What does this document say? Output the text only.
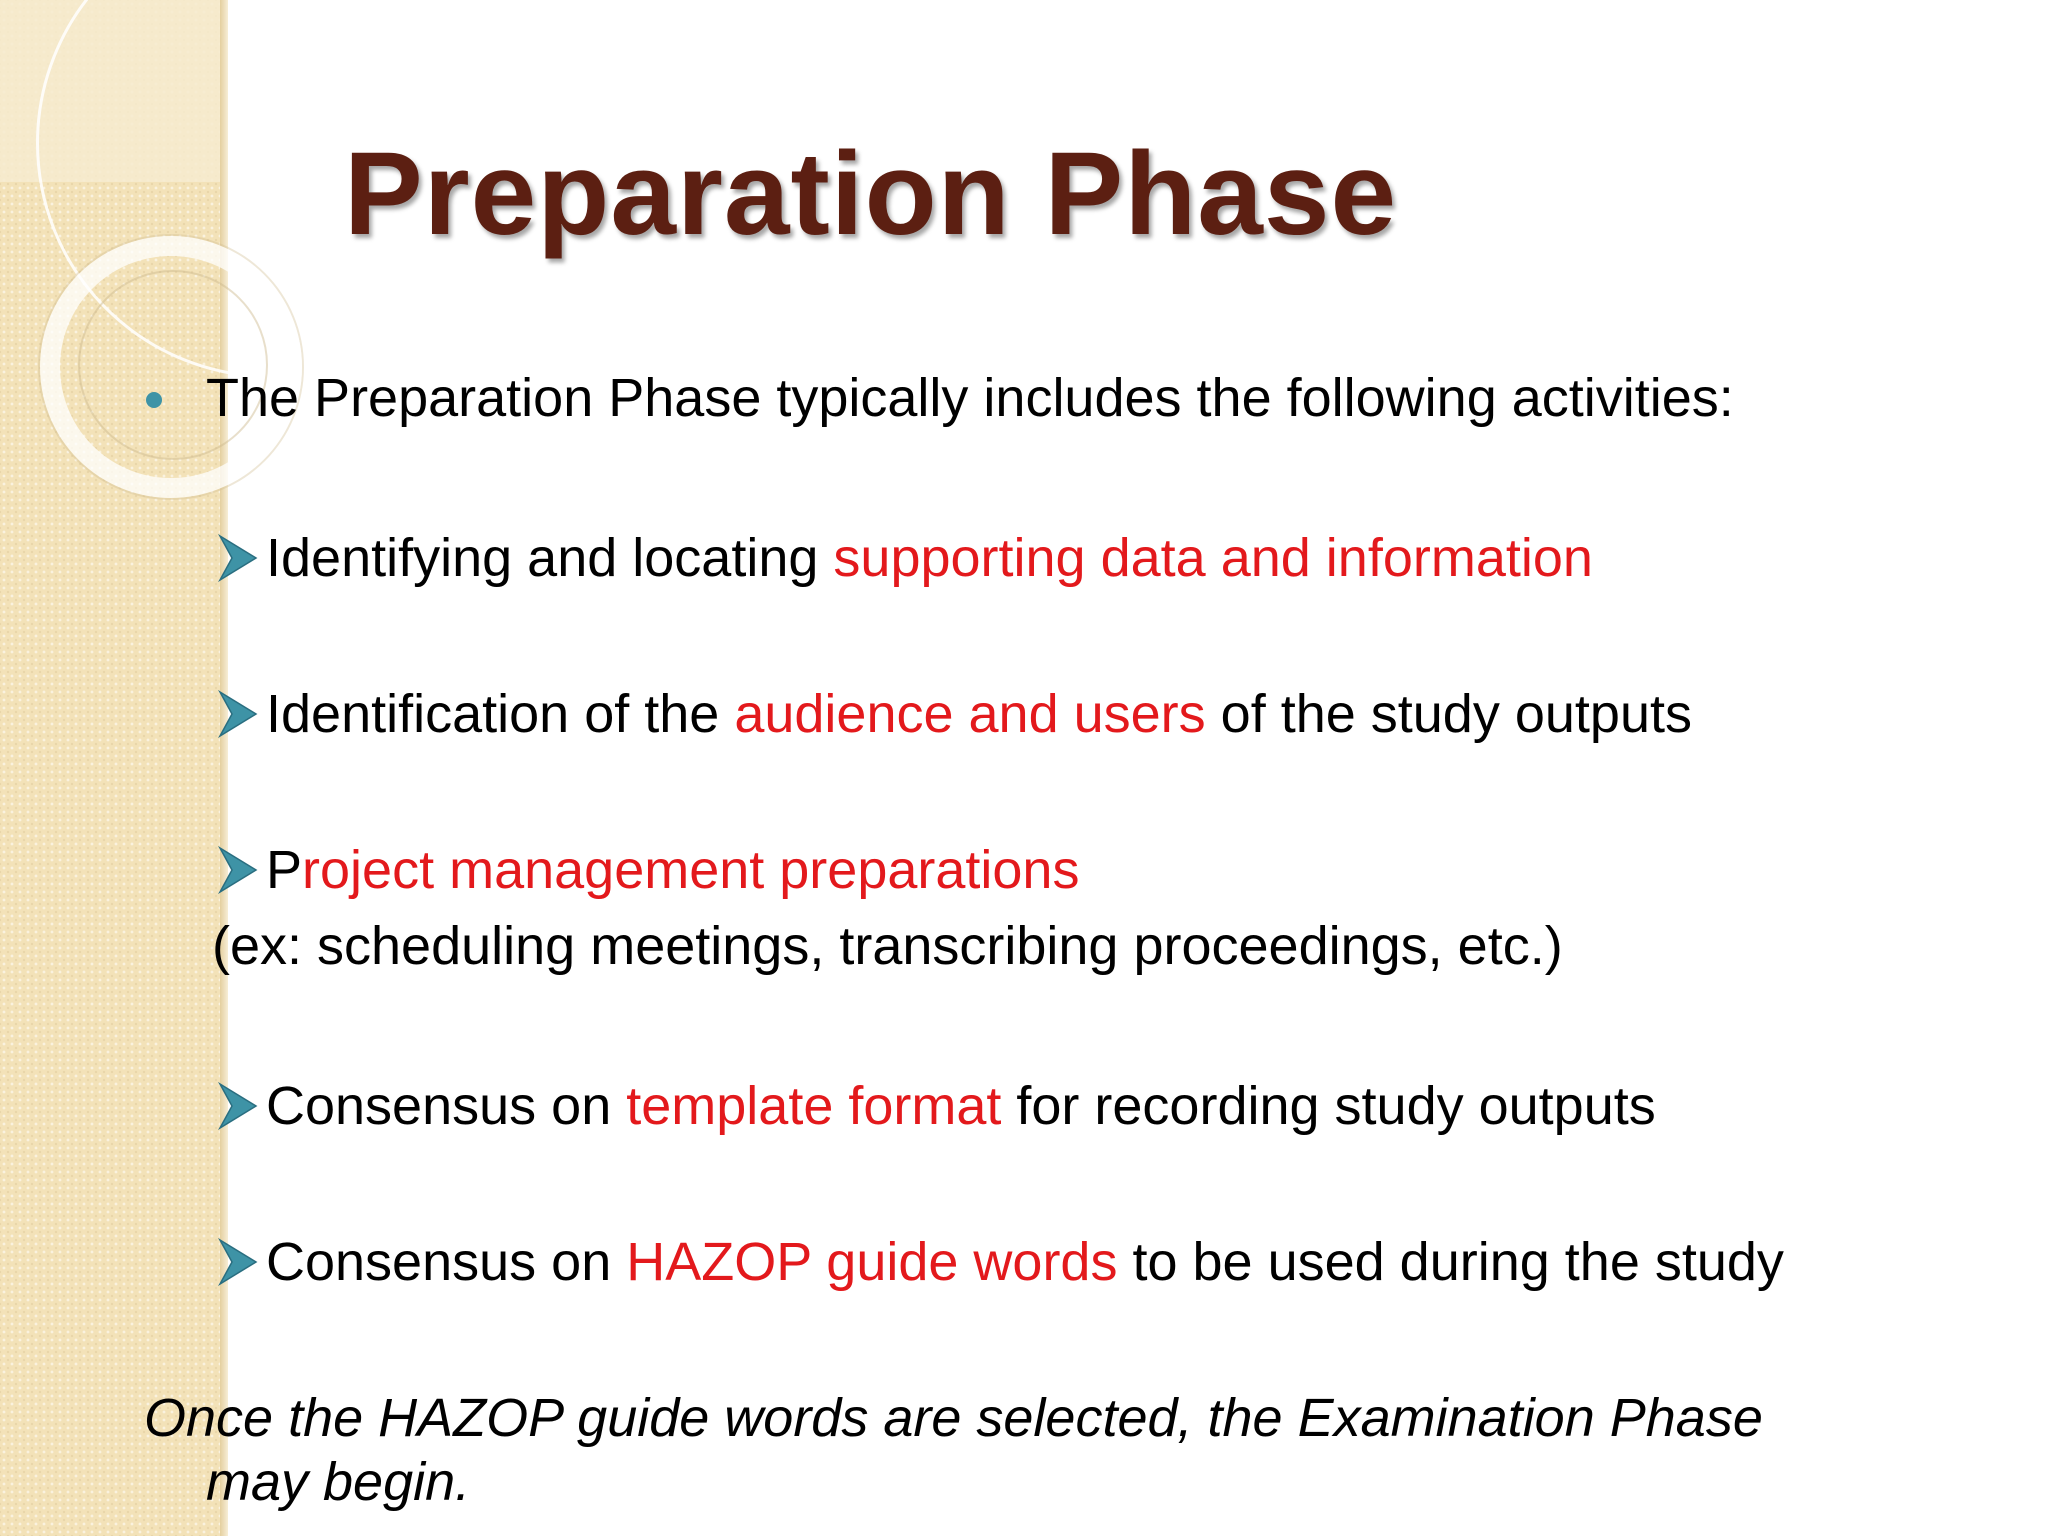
Preparation Phase
The Preparation Phase typically includes the following activities:
Identifying and locating supporting data and information
Identification of the audience and users of the study outputs
Project management preparations
(ex: scheduling meetings, transcribing proceedings, etc.)
Consensus on template format for recording study outputs
Consensus on HAZOP guide words to be used during the study
Once the HAZOP guide words are selected, the Examination Phase
may begin.
